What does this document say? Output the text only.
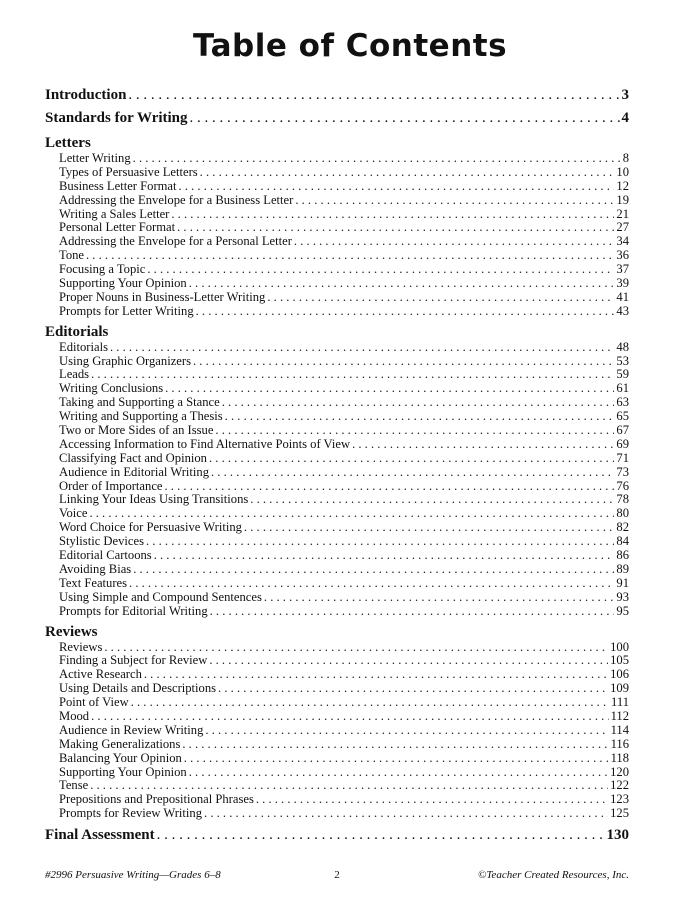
Table of Contents
Introduction . . .	3
Standards for Writing . . .	4
Letters
Letter Writing . . .	8
Types of Persuasive Letters . . .	10
Business Letter Format . . .	12
Addressing the Envelope for a Business Letter . . .	19
Writing a Sales Letter . . .	21
Personal Letter Format . . .	27
Addressing the Envelope for a Personal Letter . . .	34
Tone . . .	36
Focusing a Topic . . .	37
Supporting Your Opinion . . .	39
Proper Nouns in Business-Letter Writing . . .	41
Prompts for Letter Writing . . .	43
Editorials
Editorials . . .	48
Using Graphic Organizers . . .	53
Leads . . .	59
Writing Conclusions . . .	61
Taking and Supporting a Stance . . .	63
Writing and Supporting a Thesis . . .	65
Two or More Sides of an Issue . . .	67
Accessing Information to Find Alternative Points of View . . .	69
Classifying Fact and Opinion . . .	71
Audience in Editorial Writing . . .	73
Order of Importance . . .	76
Linking Your Ideas Using Transitions . . .	78
Voice . . .	80
Word Choice for Persuasive Writing . . .	82
Stylistic Devices . . .	84
Editorial Cartoons . . .	86
Avoiding Bias . . .	89
Text Features . . .	91
Using Simple and Compound Sentences . . .	93
Prompts for Editorial Writing . . .	95
Reviews
Reviews . . .	100
Finding a Subject for Review . . .	105
Active Research . . .	106
Using Details and Descriptions . . .	109
Point of View . . .	111
Mood . . .	112
Audience in Review Writing . . .	114
Making Generalizations . . .	116
Balancing Your Opinion . . .	118
Supporting Your Opinion . . .	120
Tense . . .	122
Prepositions and Prepositional Phrases . . .	123
Prompts for Review Writing . . .	125
Final Assessment . . .	130
#2996 Persuasive Writing—Grades 6–8	2	©Teacher Created Resources, Inc.
